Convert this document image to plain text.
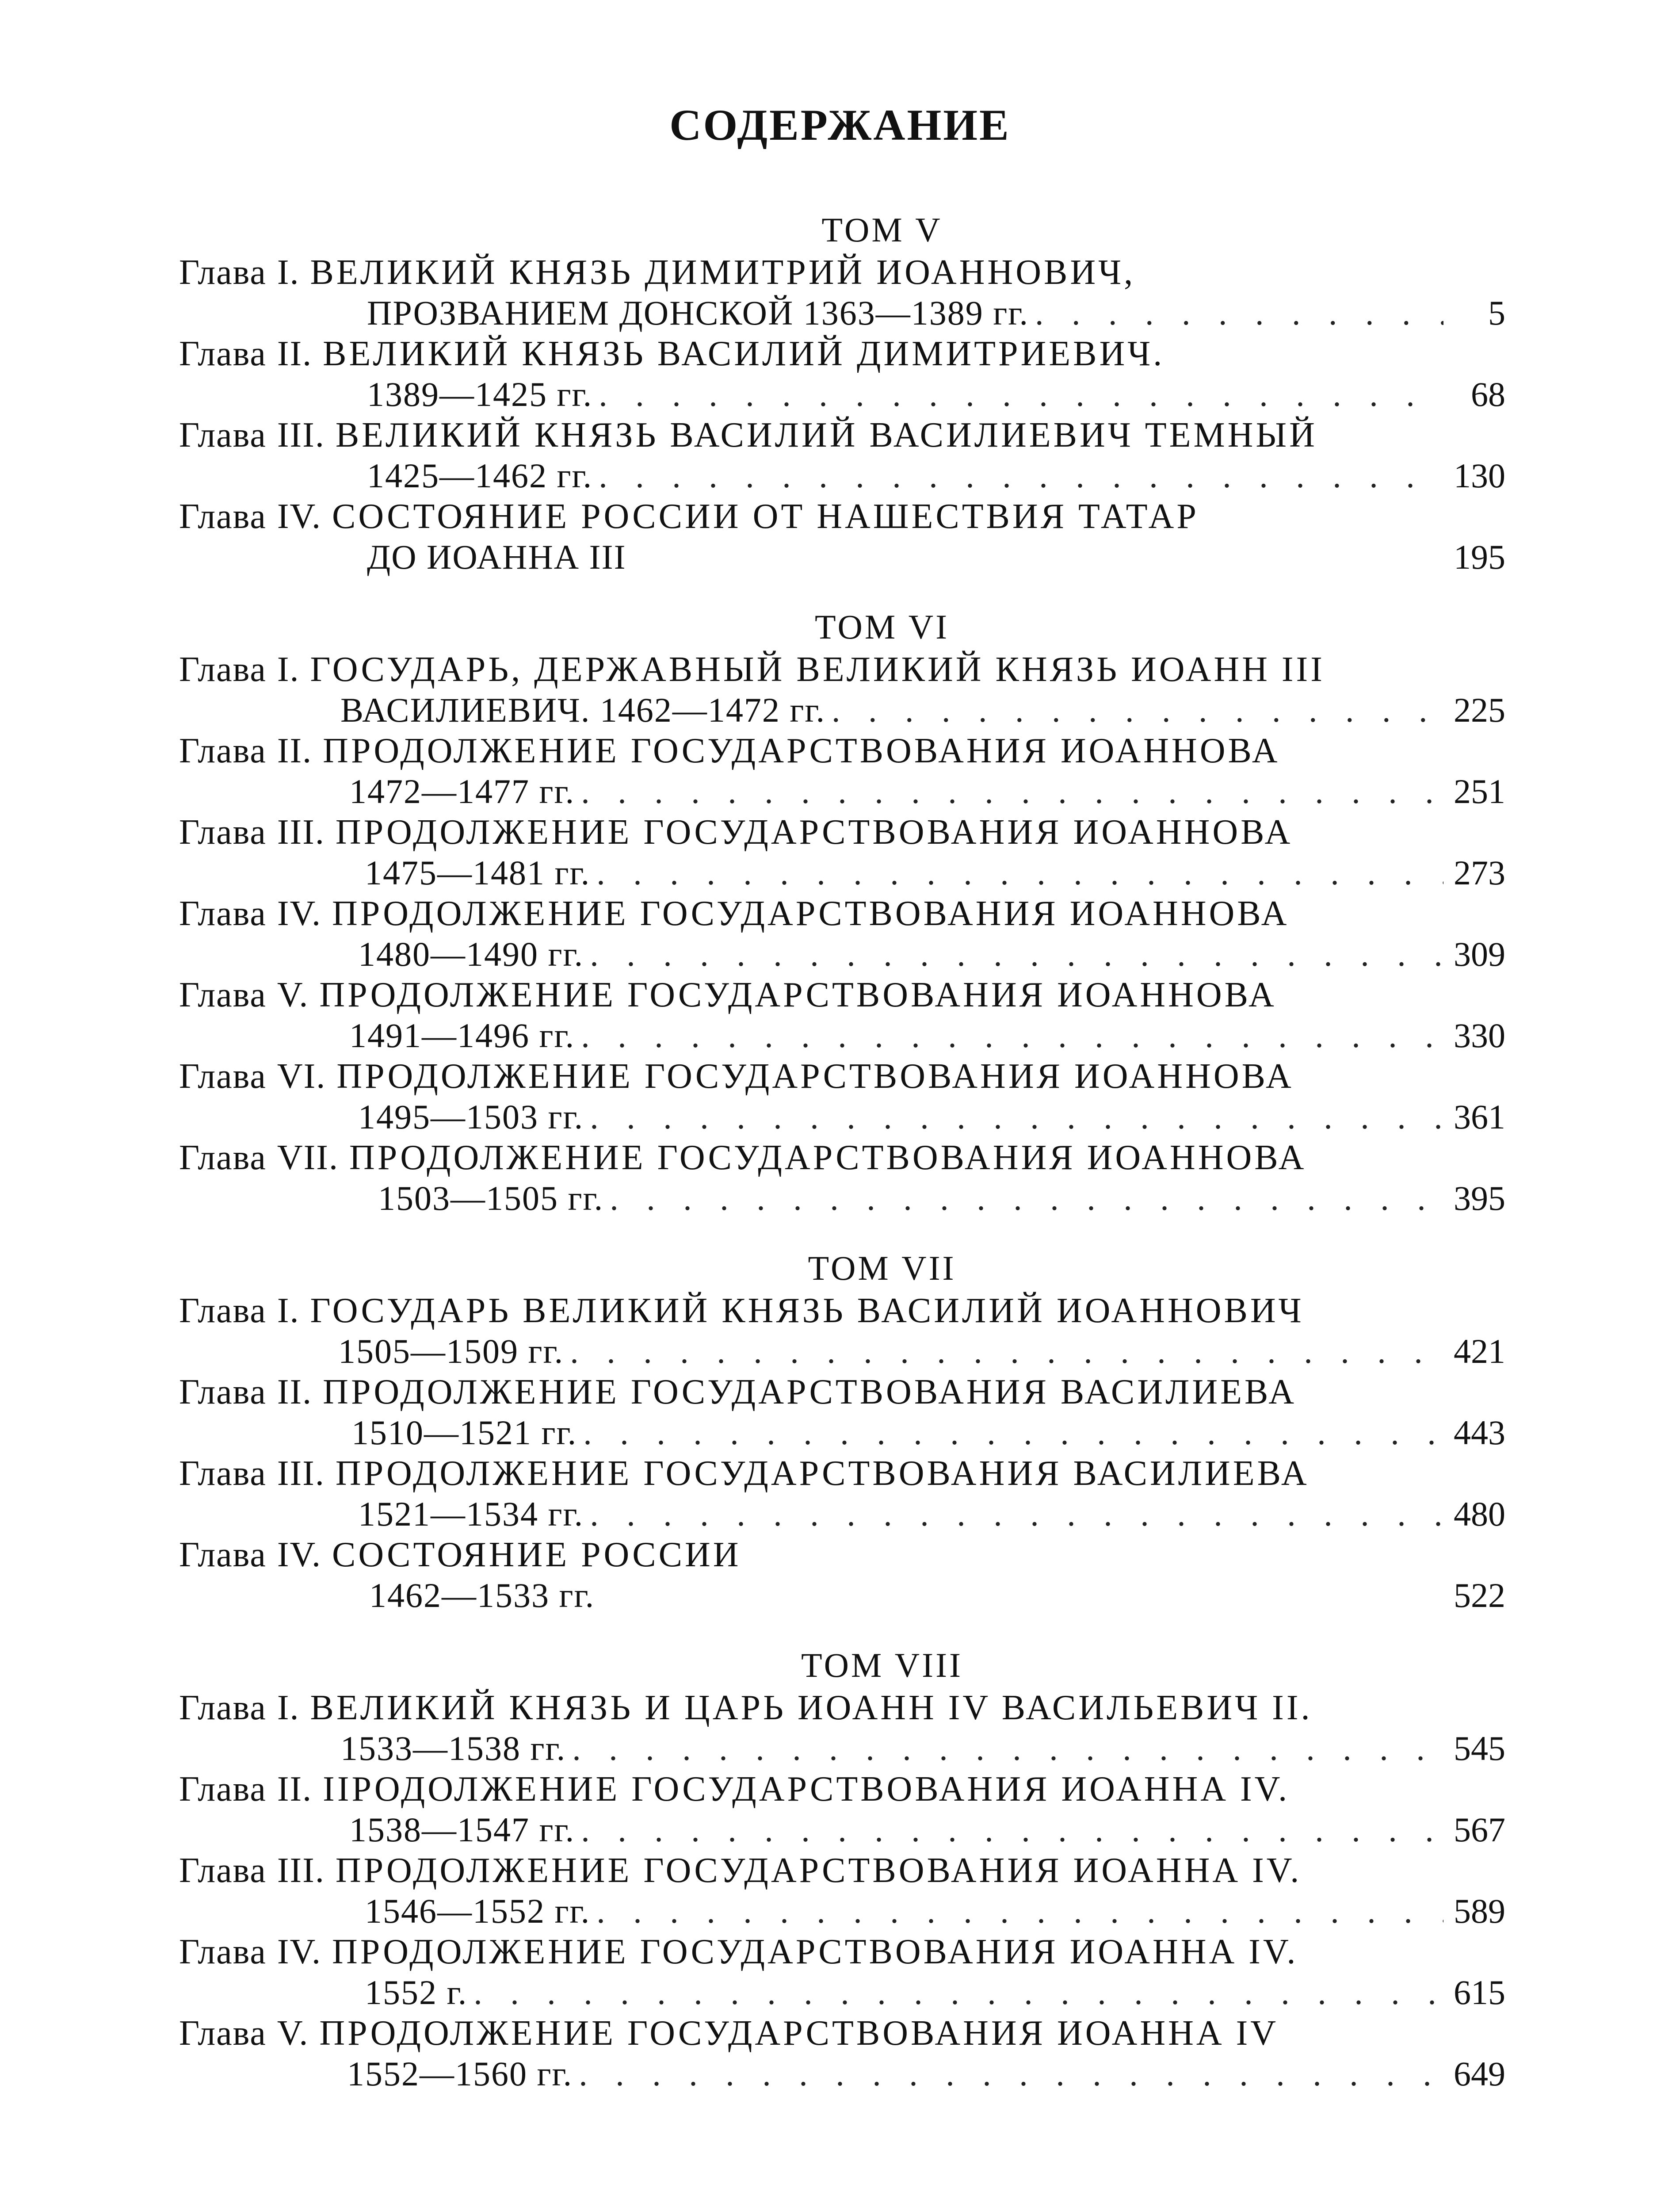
СОДЕРЖАНИЕ
ТОМ V
Глава I. ВЕЛИКИЙ КНЯЗЬ ДИМИТРИЙ ИОАННОВИЧ,
ПРОЗВАНИЕМ ДОНСКОЙ 1363—1389 гг. . . .	5
Глава II. ВЕЛИКИЙ КНЯЗЬ ВАСИЛИЙ ДИМИТРИЕВИЧ.
1389—1425 гг. . . .	68
Глава III. ВЕЛИКИЙ КНЯЗЬ ВАСИЛИЙ ВАСИЛИЕВИЧ ТЕМНЫЙ
1425—1462 гг. . . .	130
Глава IV. СОСТОЯНИЕ РОССИИ ОТ НАШЕСТВИЯ ТАТАР
ДО ИОАННА III	195
ТОМ VI
Глава I. ГОСУДАРЬ, ДЕРЖАВНЫЙ ВЕЛИКИЙ КНЯЗЬ ИОАНН III
ВАСИЛИЕВИЧ. 1462—1472 гг. . . .	225
Глава II. ПРОДОЛЖЕНИЕ ГОСУДАРСТВОВАНИЯ ИОАННОВА
1472—1477 гг. . . .	251
Глава III. ПРОДОЛЖЕНИЕ ГОСУДАРСТВОВАНИЯ ИОАННОВА
1475—1481 гг. . . .	273
Глава IV. ПРОДОЛЖЕНИЕ ГОСУДАРСТВОВАНИЯ ИОАННОВА
1480—1490 гг. . . .	309
Глава V. ПРОДОЛЖЕНИЕ ГОСУДАРСТВОВАНИЯ ИОАННОВА
1491—1496 гг. . . .	330
Глава VI. ПРОДОЛЖЕНИЕ ГОСУДАРСТВОВАНИЯ ИОАННОВА
1495—1503 гг. . . .	361
Глава VII. ПРОДОЛЖЕНИЕ ГОСУДАРСТВОВАНИЯ ИОАННОВА
1503—1505 гг. . . .	395
ТОМ VII
Глава I. ГОСУДАРЬ ВЕЛИКИЙ КНЯЗЬ ВАСИЛИЙ ИОАННОВИЧ
1505—1509 гг. . . .	421
Глава II. ПРОДОЛЖЕНИЕ ГОСУДАРСТВОВАНИЯ ВАСИЛИЕВА
1510—1521 гг. . . .	443
Глава III. ПРОДОЛЖЕНИЕ ГОСУДАРСТВОВАНИЯ ВАСИЛИЕВА
1521—1534 гг. . . .	480
Глава IV. СОСТОЯНИЕ РОССИИ
1462—1533 гг.	522
ТОМ VIII
Глава I. ВЕЛИКИЙ КНЯЗЬ И ЦАРЬ ИОАНН IV ВАСИЛЬЕВИЧ II.
1533—1538 гг. . . .	545
Глава II. IIРОДОЛЖЕНИЕ ГОСУДАРСТВОВАНИЯ ИОАННА IV.
1538—1547 гг. . . .	567
Глава III. ПРОДОЛЖЕНИЕ ГОСУДАРСТВОВАНИЯ ИОАННА IV.
1546—1552 гг. . . .	589
Глава IV. ПРОДОЛЖЕНИЕ ГОСУДАРСТВОВАНИЯ ИОАННА IV.
1552 г. . . .	615
Глава V. ПРОДОЛЖЕНИЕ ГОСУДАРСТВОВАНИЯ ИОАННА IV
1552—1560 гг. . . .	649
